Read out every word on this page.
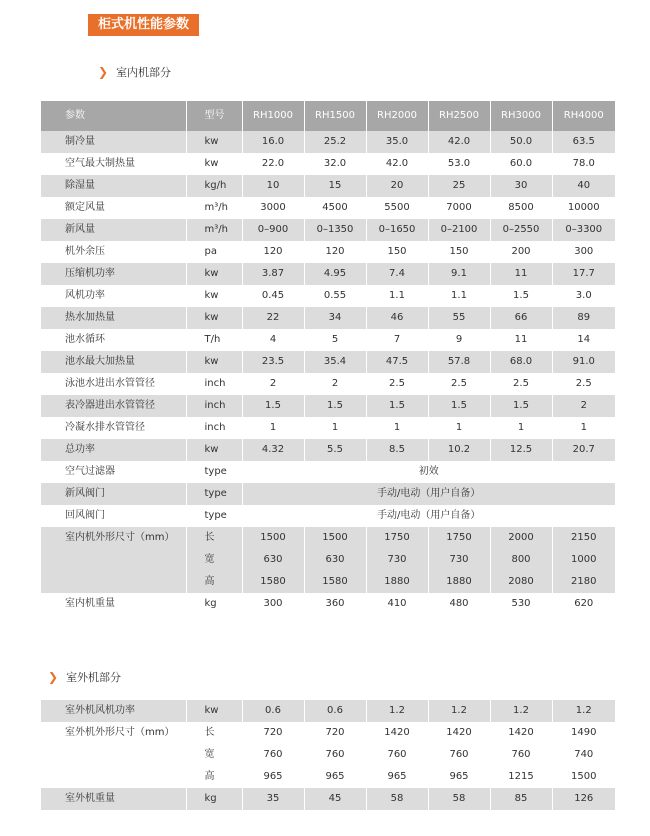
柜式机性能参数
❯ 室内机部分
参数	型号	RH1000	RH1500	RH2000	RH2500	RH3000	RH4000
制冷量	kw	16.0	25.2	35.0	42.0	50.0	63.5
空气最大制热量	kw	22.0	32.0	42.0	53.0	60.0	78.0
除湿量	kg/h	10	15	20	25	30	40
额定风量	m³/h	3000	4500	5500	7000	8500	10000
新风量	m³/h	0–900	0–1350	0–1650	0–2100	0–2550	0–3300
机外余压	pa	120	120	150	150	200	300
压缩机功率	kw	3.87	4.95	7.4	9.1	11	17.7
风机功率	kw	0.45	0.55	1.1	1.1	1.5	3.0
热水加热量	kw	22	34	46	55	66	89
池水循环	T/h	4	5	7	9	11	14
池水最大加热量	kw	23.5	35.4	47.5	57.8	68.0	91.0
泳池水进出水管管径	inch	2	2	2.5	2.5	2.5	2.5
表冷器进出水管管径	inch	1.5	1.5	1.5	1.5	1.5	2
冷凝水排水管管径	inch	1	1	1	1	1	1
总功率	kw	4.32	5.5	8.5	10.2	12.5	20.7
空气过滤器	type	初效					
新风阀门	type	手动/电动（用户自备）					
回风阀门	type	手动/电动（用户自备）					
室内机外形尺寸（mm）	长	1500	1500	1750	1750	2000	2150
	宽	630	630	730	730	800	1000
	高	1580	1580	1880	1880	2080	2180
室内机重量	kg	300	360	410	480	530	620
❯ 室外机部分
室外机风机功率	kw	0.6	0.6	1.2	1.2	1.2	1.2
室外机外形尺寸（mm）	长	720	720	1420	1420	1420	1490
	宽	760	760	760	760	760	740
	高	965	965	965	965	1215	1500
室外机重量	kg	35	45	58	58	85	126
